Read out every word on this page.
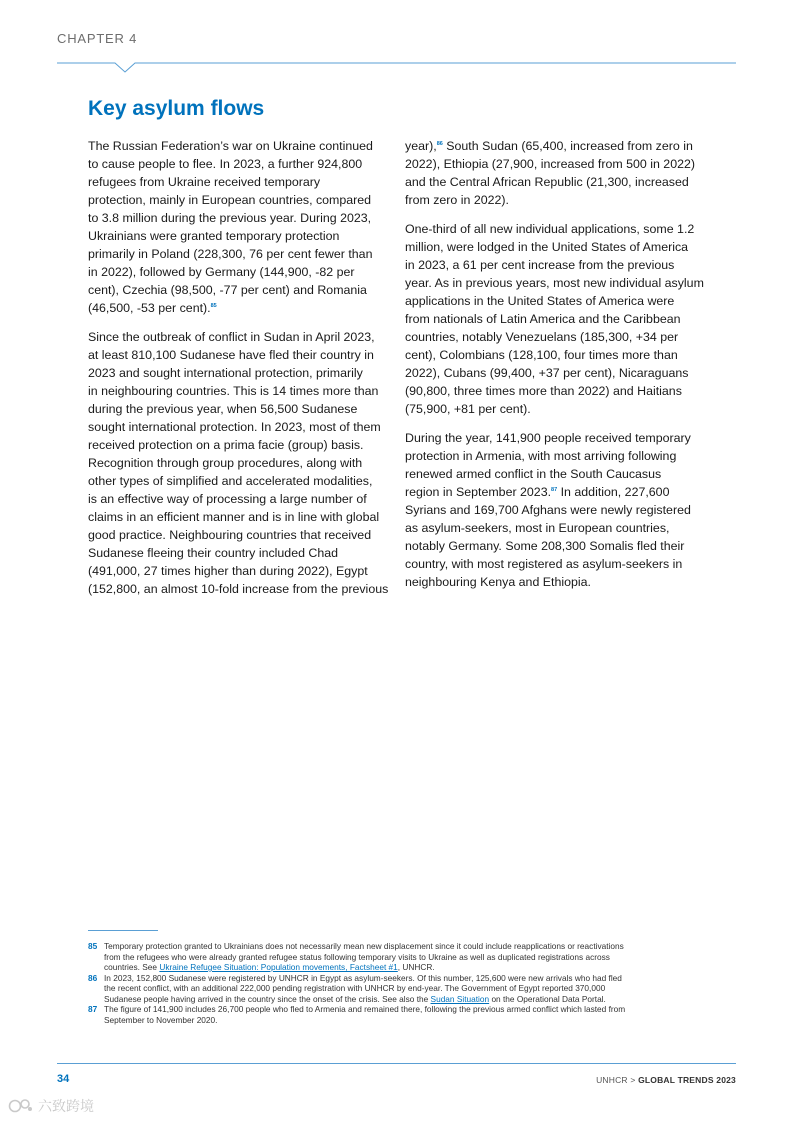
CHAPTER 4
Key asylum flows

The Russian Federation’s war on Ukraine continued
to cause people to flee. In 2023, a further 924,800
refugees from Ukraine received temporary
protection, mainly in European countries, compared
to 3.8 million during the previous year. During 2023,
Ukrainians were granted temporary protection
primarily in Poland (228,300, 76 per cent fewer than
in 2022), followed by Germany (144,900, -82 per
cent), Czechia (98,500, -77 per cent) and Romania
(46,500, -53 per cent).$^{85}$

Since the outbreak of conflict in Sudan in April 2023,
at least 810,100 Sudanese have fled their country in
2023 and sought international protection, primarily
in neighbouring countries. This is 14 times more than
during the previous year, when 56,500 Sudanese
sought international protection. In 2023, most of them
received protection on a prima facie (group) basis.
Recognition through group procedures, along with
other types of simplified and accelerated modalities,
is an effective way of processing a large number of
claims in an efficient manner and is in line with global
good practice. Neighbouring countries that received
Sudanese fleeing their country included Chad
(491,000, 27 times higher than during 2022), Egypt
(152,800, an almost 10-fold increase from the previous

year),$^{86}$ South Sudan (65,400, increased from zero in
2022), Ethiopia (27,900, increased from 500 in 2022)
and the Central African Republic (21,300, increased
from zero in 2022).

One-third of all new individual applications, some 1.2
million, were lodged in the United States of America
in 2023, a 61 per cent increase from the previous
year. As in previous years, most new individual asylum
applications in the United States of America were
from nationals of Latin America and the Caribbean
countries, notably Venezuelans (185,300, +34 per
cent), Colombians (128,100, four times more than
2022), Cubans (99,400, +37 per cent), Nicaraguans
(90,800, three times more than 2022) and Haitians
(75,900, +81 per cent).

During the year, 141,900 people received temporary
protection in Armenia, with most arriving following
renewed armed conflict in the South Caucasus
region in September 2023.87 In addition, 227,600
Syrians and 169,700 Afghans were newly registered
as asylum-seekers, most in European countries,
notably Germany. Some 208,300 Somalis fled their
country, with most registered as asylum-seekers in
neighbouring Kenya and Ethiopia.

85 Temporary protection granted to Ukrainians does not necessarily mean new displacement since it could include reapplications or reactivations
from the refugees who were already granted refugee status following temporary visits to Ukraine as well as duplicated registrations across
countries. See Ukraine Refugee Situation: Population movements, Factsheet #1, UNHCR.
86 In 2023, 152,800 Sudanese were registered by UNHCR in Egypt as asylum-seekers. Of this number, 125,600 were new arrivals who had fled
the recent conflict, with an additional 222,000 pending registration with UNHCR by end-year. The Government of Egypt reported 370,000
Sudanese people having arrived in the country since the onset of the crisis. See also the Sudan Situation on the Operational Data Portal.
87 The figure of 141,900 includes 26,700 people who fled to Armenia and remained there, following the previous armed conflict which lasted from
September to November 2020.
34	UNHCR > GLOBAL TRENDS 2023
六致跨境
